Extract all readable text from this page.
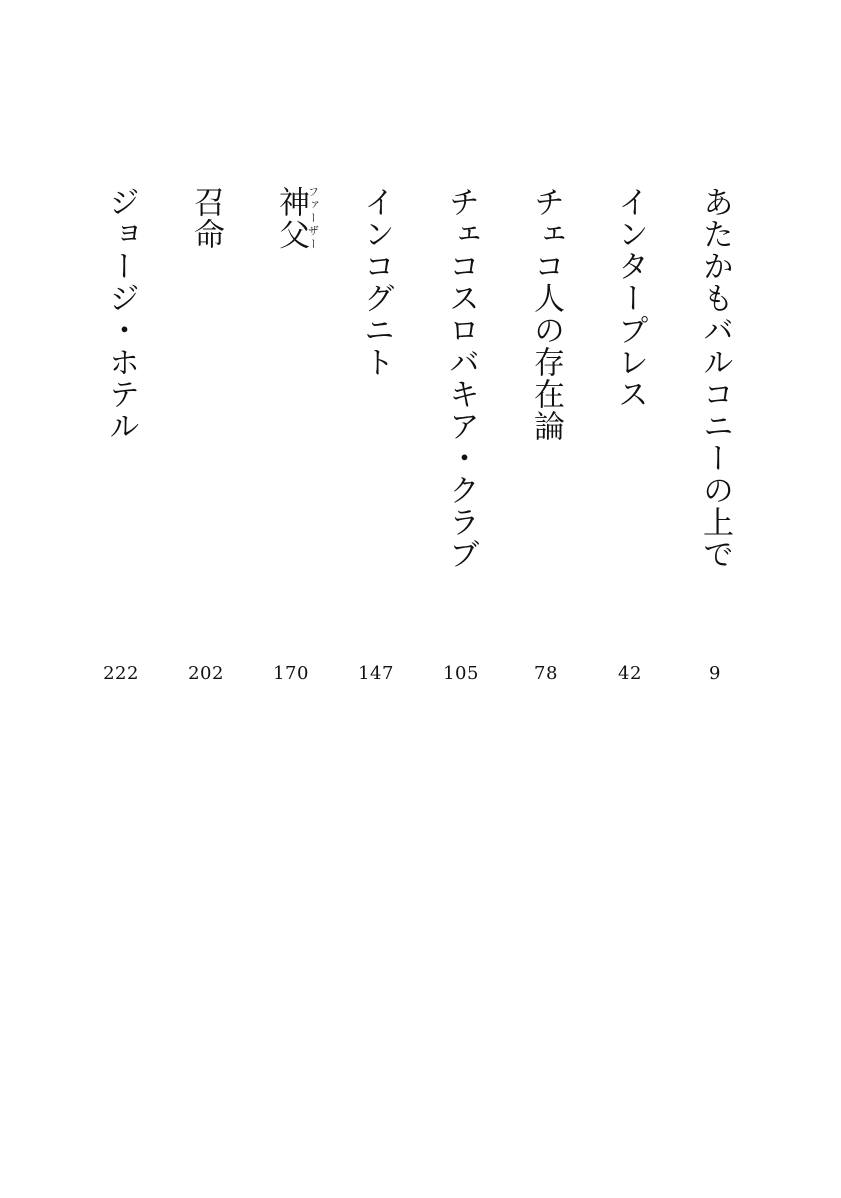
あたかもバルコニーの上で
9
インタープレス
42
チェコ人の存在論
78
チェコスロバキア・クラブ
105
インコグニト
147
神父ファーザー
170
召命
202
ジョージ・ホテル
222
